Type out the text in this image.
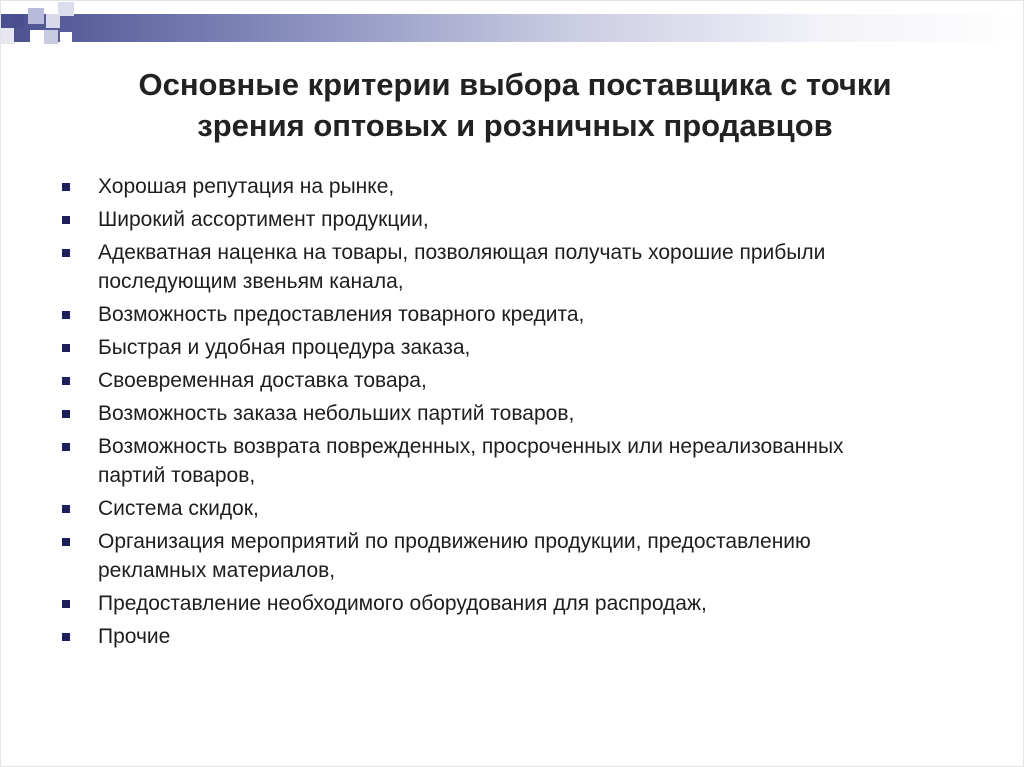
Основные критерии выбора поставщика с точки
зрения оптовых и розничных продавцов
Хорошая репутация на рынке,
Широкий ассортимент продукции,
Адекватная наценка на товары, позволяющая получать хорошие прибыли
последующим звеньям канала,
Возможность предоставления товарного кредита,
Быстрая и удобная процедура заказа,
Своевременная доставка товара,
Возможность заказа небольших партий товаров,
Возможность возврата поврежденных, просроченных или нереализованных
партий товаров,
Система скидок,
Организация мероприятий по продвижению продукции, предоставлению
рекламных материалов,
Предоставление необходимого оборудования для распродаж,
Прочие
